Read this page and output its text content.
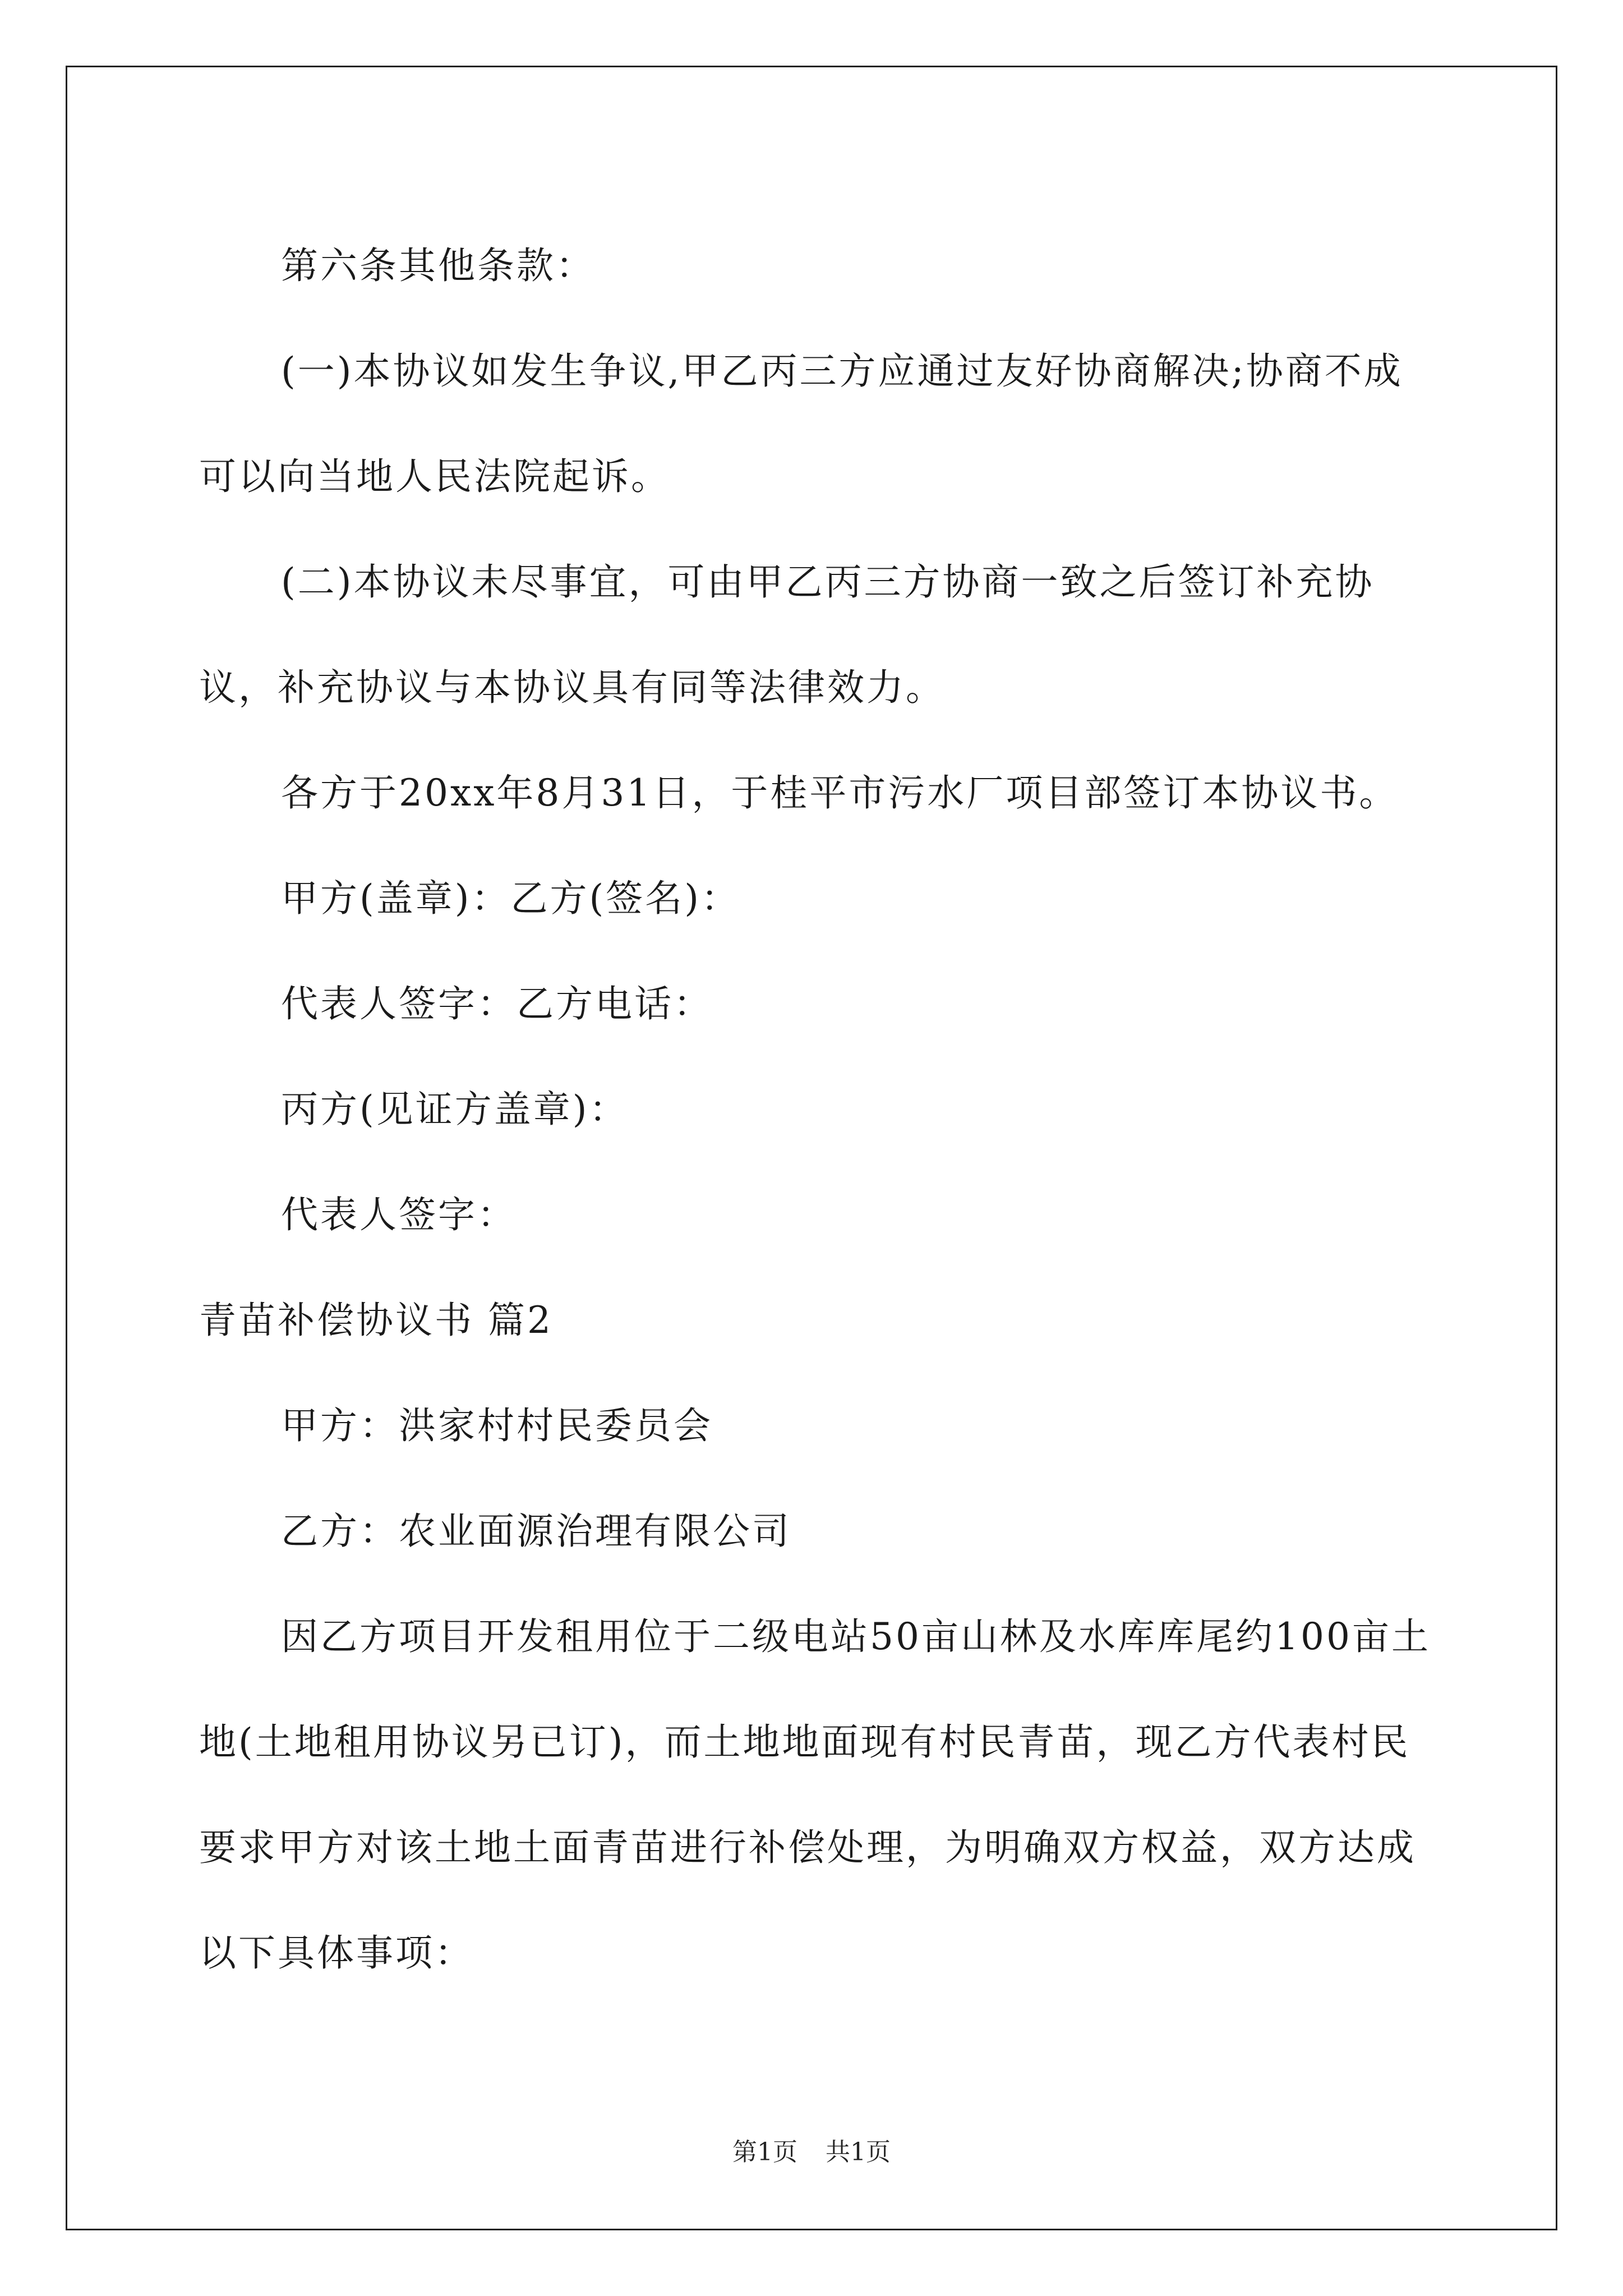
第六条其他条款：

(一)本协议如发生争议,甲乙丙三方应通过友好协商解决;协商不成可以向当地人民法院起诉。

(二)本协议未尽事宜，可由甲乙丙三方协商一致之后签订补充协议，补充协议与本协议具有同等法律效力。

各方于20xx年8月31日，于桂平市污水厂项目部签订本协议书。

甲方(盖章)：乙方(签名)：

代表人签字：乙方电话：

丙方(见证方盖章)：

代表人签字：

青苗补偿协议书 篇2

甲方：洪家村村民委员会

乙方：农业面源治理有限公司

因乙方项目开发租用位于二级电站50亩山林及水库库尾约100亩土地(土地租用协议另已订)，而土地地面现有村民青苗，现乙方代表村民要求甲方对该土地土面青苗进行补偿处理，为明确双方权益，双方达成以下具体事项：

第1页 共1页
